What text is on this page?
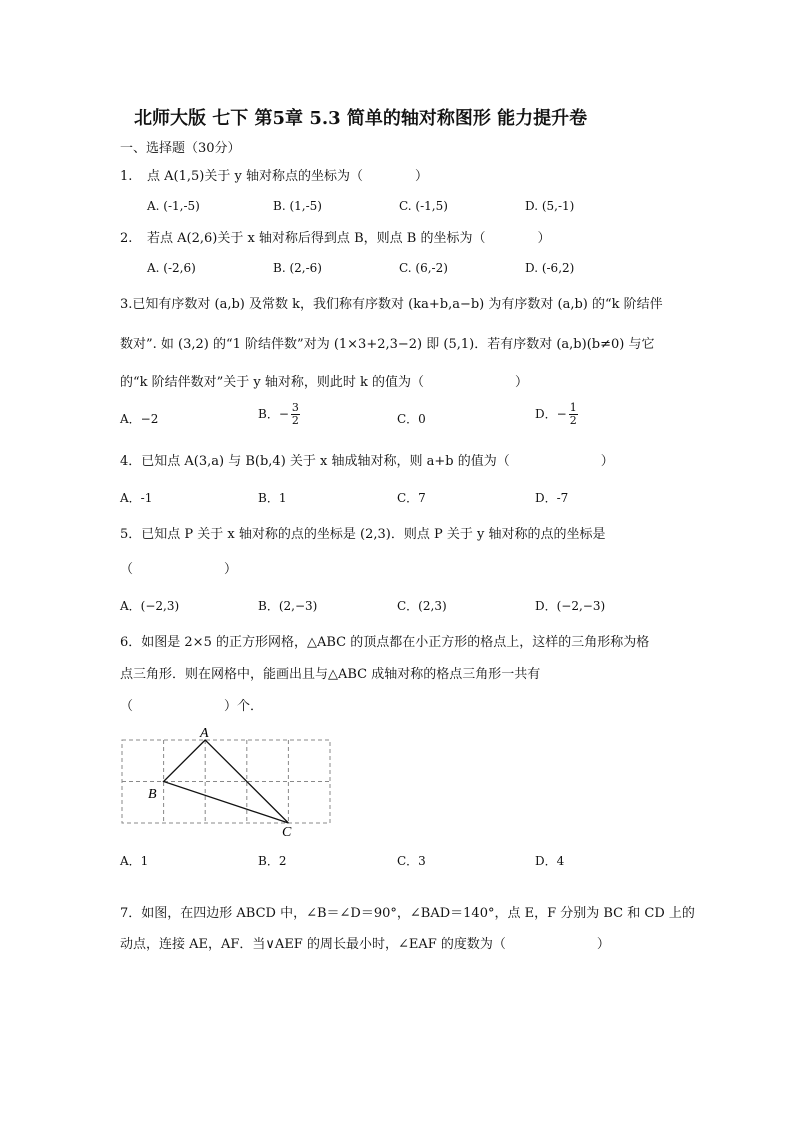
北师大版 七下 第5章 5.3 简单的轴对称图形 能力提升卷
一、选择题（30分）
1. 点 A(1,5)关于 y 轴对称点的坐标为（　　　　）
A. (-1,-5)	B. (1,-5)	C. (-1,5)	D. (5,-1)
2. 若点 A(2,6)关于 x 轴对称后得到点 B，则点 B 的坐标为（　　　　）
A. (-2,6)	B. (2,-6)	C. (6,-2)	D. (-6,2)
3.已知有序数对 (a,b) 及常数 k，我们称有序数对 (ka+b,a−b) 为有序数对 (a,b) 的“k 阶结伴
数对”. 如 (3,2) 的“1 阶结伴数”对为 (1×3+2,3−2) 即 (5,1)．若有序数对 (a,b)(b≠0) 与它
的“k 阶结伴数对”关于 y 轴对称，则此时 k 的值为（　　　　　　　）
A．−2	B．− $\frac{3}{2}$	C．0	D．− $\frac{1}{2}$
4．已知点 A(3,a) 与 B(b,4) 关于 x 轴成轴对称，则 a+b 的值为（　　　　　　　）
A．-1	B．1	C．7	D．-7
5．已知点 P 关于 x 轴对称的点的坐标是 (2,3)．则点 P 关于 y 轴对称的点的坐标是
（　　　　　　　）
A．(−2,3)	B．(2,−3)	C．(2,3)	D．(−2,−3)
6．如图是 2×5 的正方形网格，△ABC 的顶点都在小正方形的格点上，这样的三角形称为格
点三角形．则在网格中，能画出且与△ABC 成轴对称的格点三角形一共有
（　　　　　　　）个．
A
B
C
A．1	B．2	C．3	D．4
7．如图，在四边形 ABCD 中，∠B＝∠D＝90°，∠BAD＝140°，点 E，F 分别为 BC 和 CD 上的
动点，连接 AE，AF．当∨AEF 的周长最小时，∠EAF 的度数为（　　　　　　　）
